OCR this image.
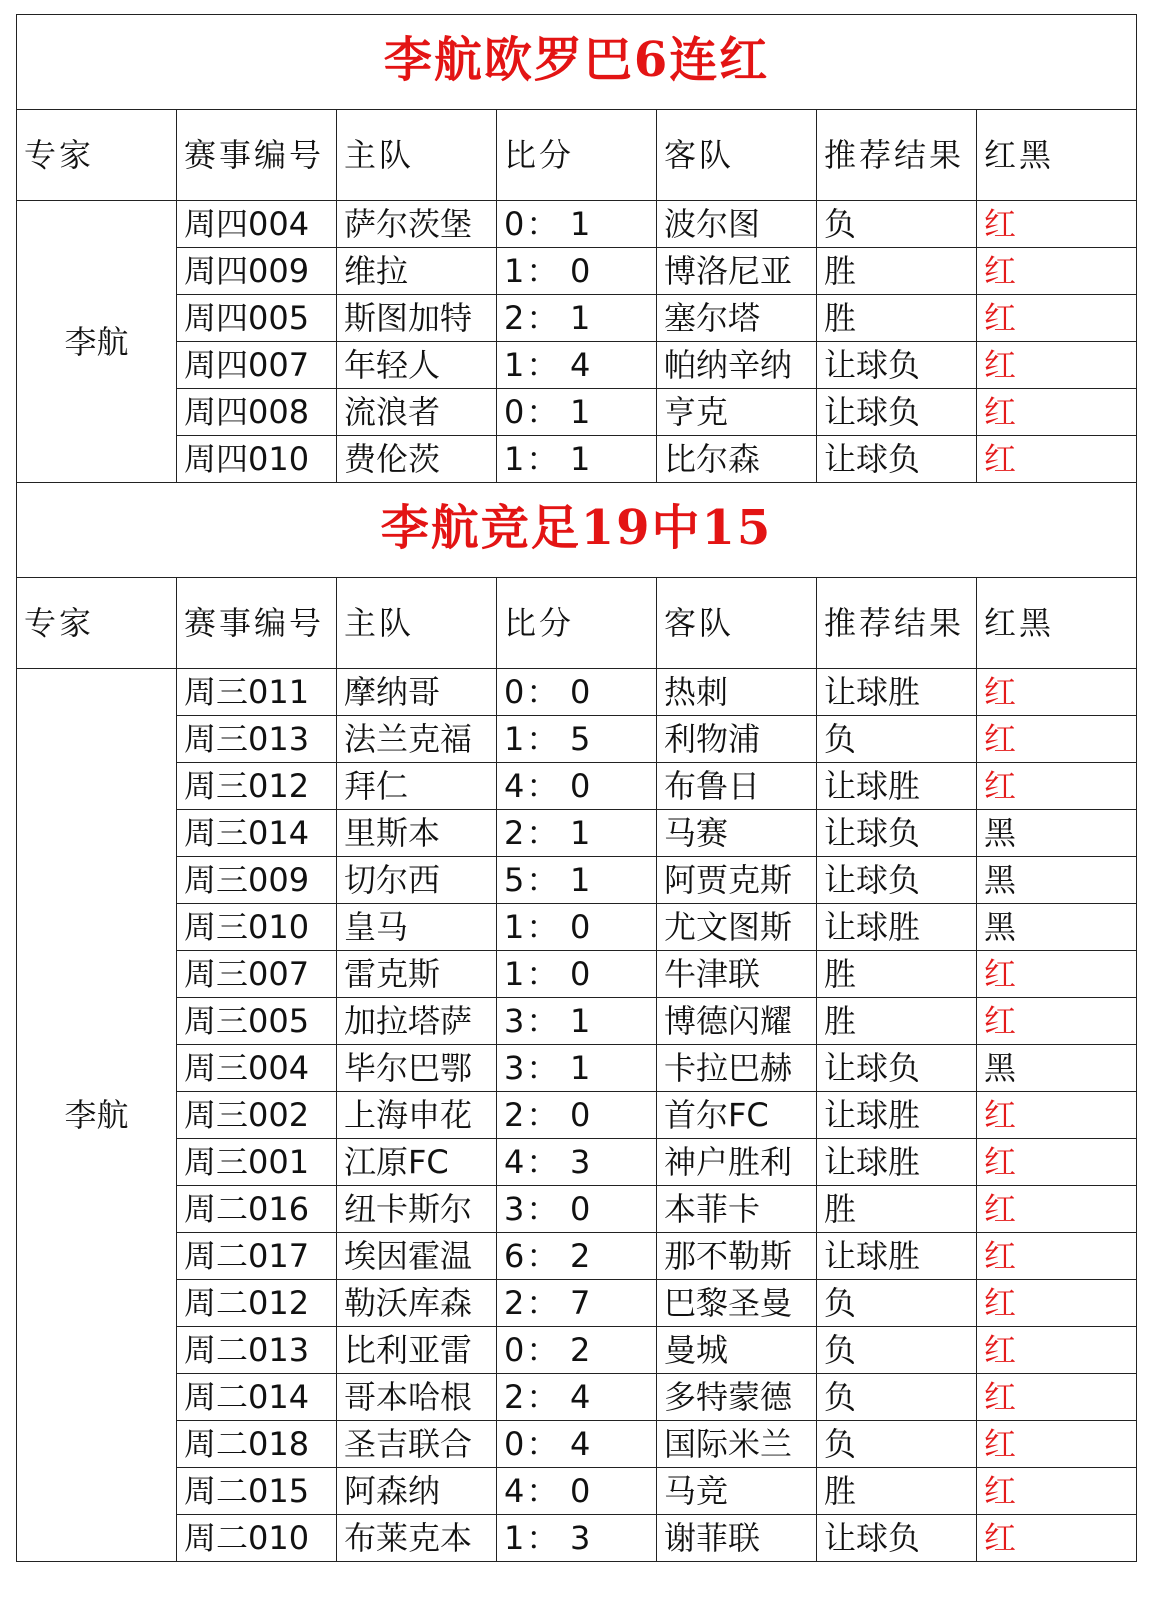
李航欧罗巴6连红						
专家	赛事编号	主队	比分	客队	推荐结果	红黑
李航	周四004	萨尔茨堡	0： 1	波尔图	负	红
	周四009	维拉	1： 0	博洛尼亚	胜	红
	周四005	斯图加特	2： 1	塞尔塔	胜	红
	周四007	年轻人	1： 4	帕纳辛纳	让球负	红
	周四008	流浪者	0： 1	亨克	让球负	红
	周四010	费伦茨	1： 1	比尔森	让球负	红
李航竞足19中15						
专家	赛事编号	主队	比分	客队	推荐结果	红黑
李航	周三011	摩纳哥	0： 0	热刺	让球胜	红
	周三013	法兰克福	1： 5	利物浦	负	红
	周三012	拜仁	4： 0	布鲁日	让球胜	红
	周三014	里斯本	2： 1	马赛	让球负	黑
	周三009	切尔西	5： 1	阿贾克斯	让球负	黑
	周三010	皇马	1： 0	尤文图斯	让球胜	黑
	周三007	雷克斯	1： 0	牛津联	胜	红
	周三005	加拉塔萨	3： 1	博德闪耀	胜	红
	周三004	毕尔巴鄂	3： 1	卡拉巴赫	让球负	黑
	周三002	上海申花	2： 0	首尔FC	让球胜	红
	周三001	江原FC	4： 3	神户胜利	让球胜	红
	周二016	纽卡斯尔	3： 0	本菲卡	胜	红
	周二017	埃因霍温	6： 2	那不勒斯	让球胜	红
	周二012	勒沃库森	2： 7	巴黎圣曼	负	红
	周二013	比利亚雷	0： 2	曼城	负	红
	周二014	哥本哈根	2： 4	多特蒙德	负	红
	周二018	圣吉联合	0： 4	国际米兰	负	红
	周二015	阿森纳	4： 0	马竞	胜	红
	周二010	布莱克本	1： 3	谢菲联	让球负	红
